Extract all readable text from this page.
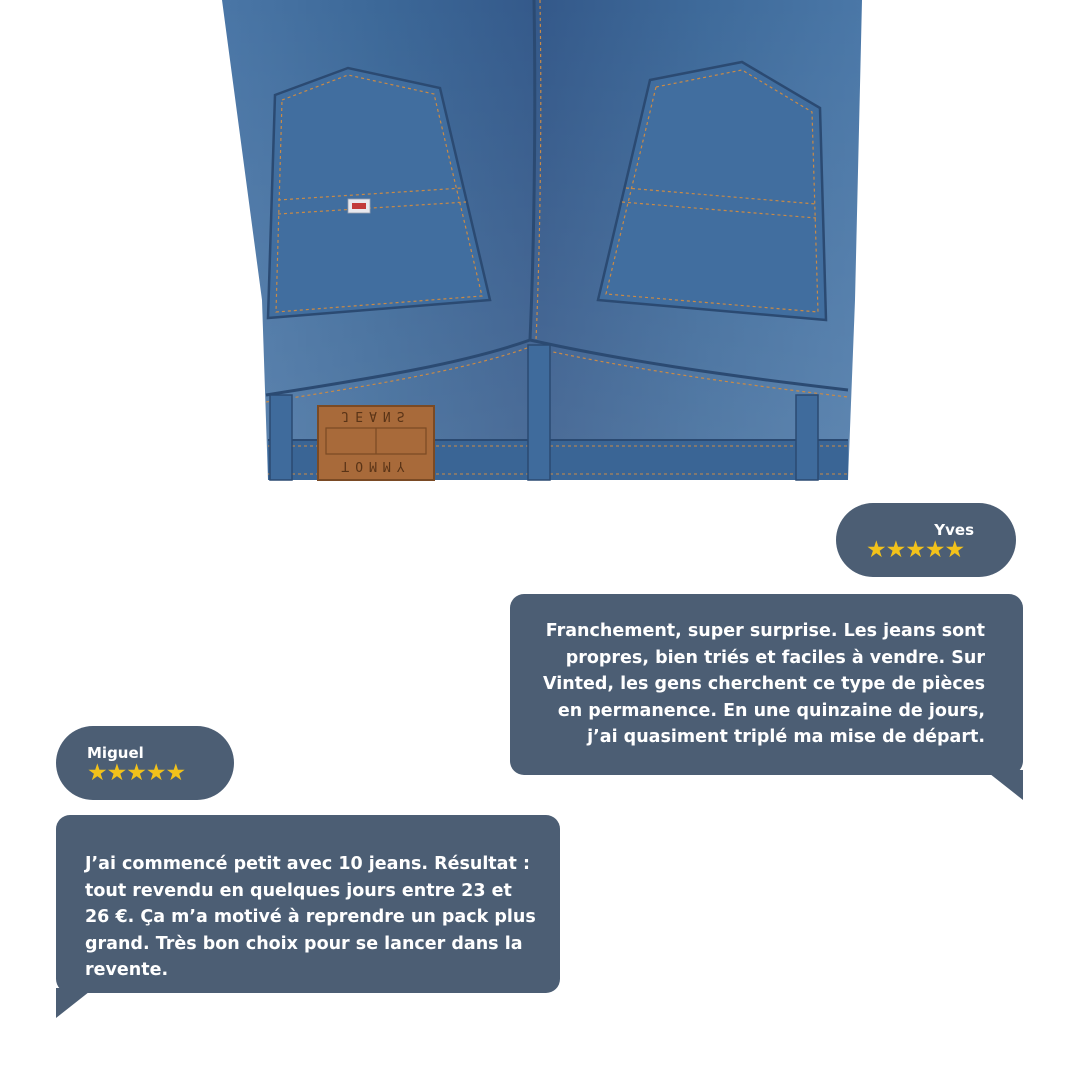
JEANS
TOMMY
Yves
★★★★★
Franchement, super surprise. Les jeans sont propres, bien triés et faciles à vendre. Sur Vinted, les gens cherchent ce type de pièces en permanence. En une quinzaine de jours, j’ai quasiment triplé ma mise de départ.
Miguel
★★★★★
J’ai commencé petit avec 10 jeans. Résultat : tout revendu en quelques jours entre 23 et 26 €. Ça m’a motivé à reprendre un pack plus grand. Très bon choix pour se lancer dans la revente.
